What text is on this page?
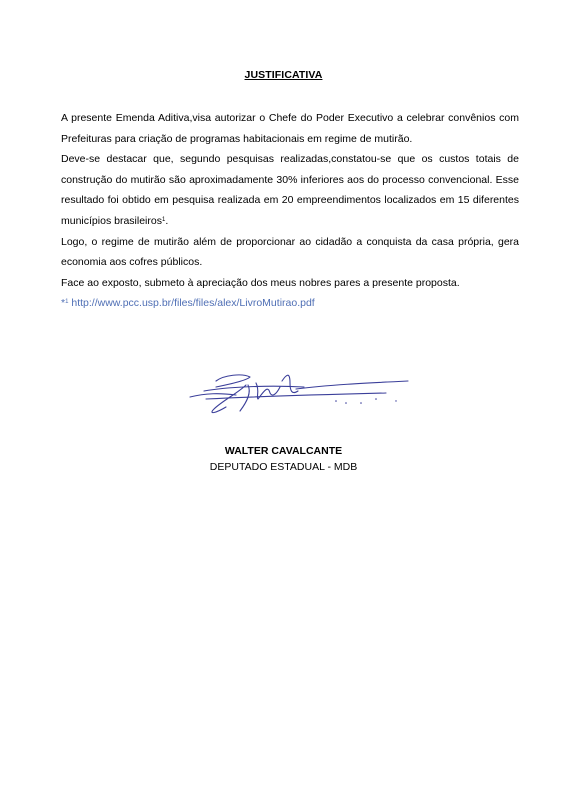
JUSTIFICATIVA

A presente Emenda Aditiva,visa autorizar o Chefe do Poder Executivo a celebrar convênios com

Prefeituras para criação de programas habitacionais em regime de mutirão.

Deve-se destacar que, segundo pesquisas realizadas,constatou-se que os custos totais de

construção do mutirão são aproximadamente 30% inferiores aos do processo convencional. Esse

resultado foi obtido em pesquisa realizada em 20 empreendimentos localizados em 15 diferentes

municípios brasileiros$^1$.

Logo, o regime de mutirão além de proporcionar ao cidadão a conquista da casa própria, gera

economia aos cofres públicos.

Face ao exposto, submeto à apreciação dos meus nobres pares a presente proposta.

*$^1$ http://www.pcc.usp.br/files/files/alex/LivroMutirao.pdf

WALTER CAVALCANTE
DEPUTADO ESTADUAL - MDB
